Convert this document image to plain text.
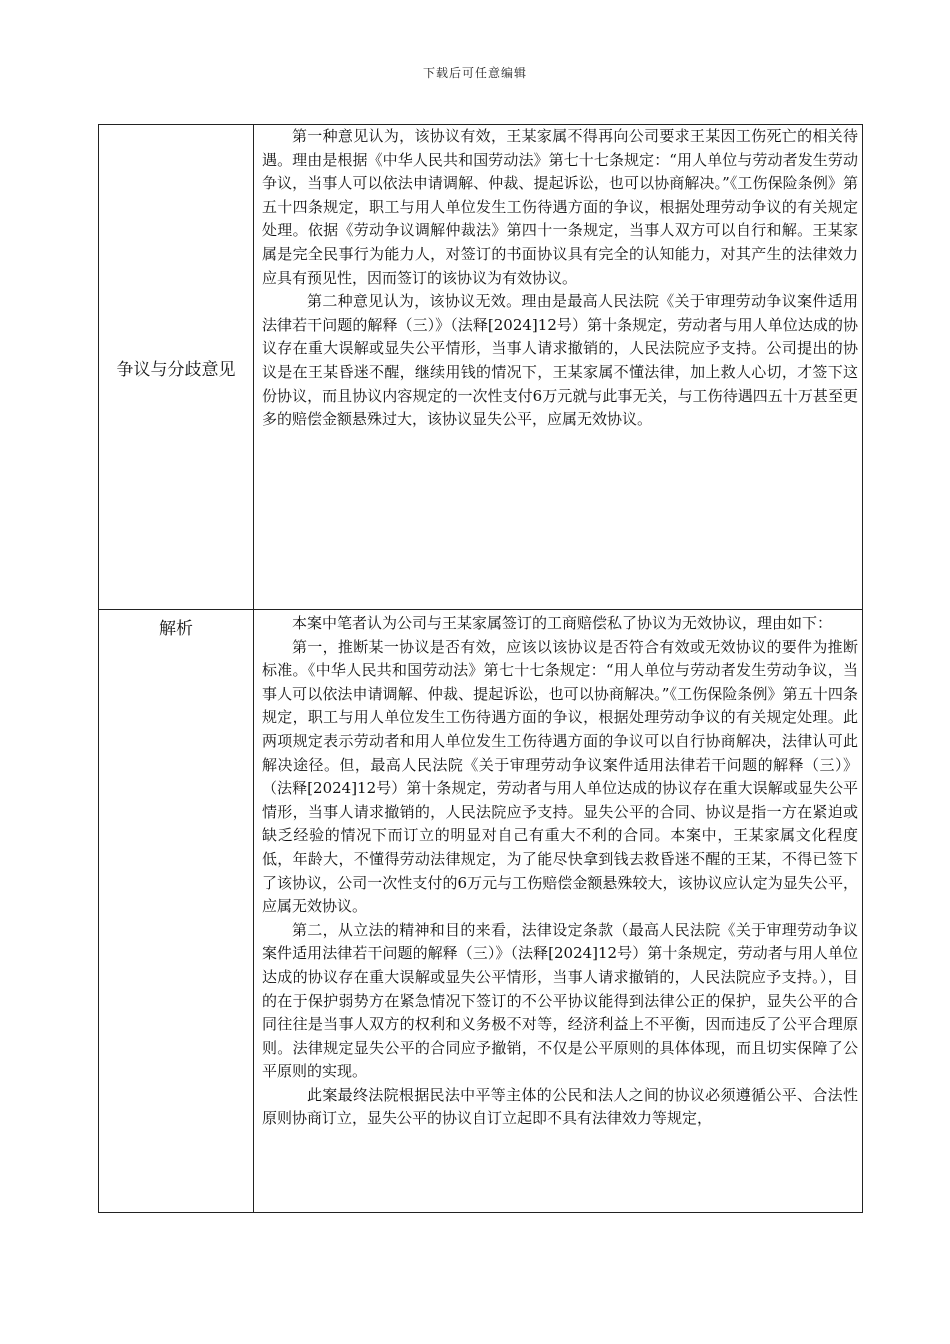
下载后可任意编辑
争议与分歧意见	第一种意见认为，该协议有效，王某家属不得再向公司要求王某因工伤死亡的相关待遇。理由是根据《中华人民共和国劳动法》第七十七条规定：“用人单位与劳动者发生劳动争议，当事人可以依法申请调解、仲裁、提起诉讼，也可以协商解决。”《工伤保险条例》第五十四条规定，职工与用人单位发生工伤待遇方面的争议，根据处理劳动争议的有关规定处理。依据《劳动争议调解仲裁法》第四十一条规定，当事人双方可以自行和解。王某家属是完全民事行为能力人，对签订的书面协议具有完全的认知能力，对其产生的法律效力应具有预见性，因而签订的该协议为有效协议。

第二种意见认为，该协议无效。理由是最高人民法院《关于审理劳动争议案件适用法律若干问题的解释（三）》（法释[2024]12号）第十条规定，劳动者与用人单位达成的协议存在重大误解或显失公平情形，当事人请求撤销的，人民法院应予支持。公司提出的协议是在王某昏迷不醒，继续用钱的情况下，王某家属不懂法律，加上救人心切，才签下这份协议，而且协议内容规定的一次性支付6万元就与此事无关，与工伤待遇四五十万甚至更多的赔偿金额悬殊过大，该协议显失公平，应属无效协议。

解析	本案中笔者认为公司与王某家属签订的工商赔偿私了协议为无效协议，理由如下：

第一，推断某一协议是否有效，应该以该协议是否符合有效或无效协议的要件为推断标准。《中华人民共和国劳动法》第七十七条规定：“用人单位与劳动者发生劳动争议，当事人可以依法申请调解、仲裁、提起诉讼，也可以协商解决。”《工伤保险条例》第五十四条规定，职工与用人单位发生工伤待遇方面的争议，根据处理劳动争议的有关规定处理。此两项规定表示劳动者和用人单位发生工伤待遇方面的争议可以自行协商解决，法律认可此解决途径。但，最高人民法院《关于审理劳动争议案件适用法律若干问题的解释（三）》（法释[2024]12号）第十条规定，劳动者与用人单位达成的协议存在重大误解或显失公平情形，当事人请求撤销的，人民法院应予支持。显失公平的合同、协议是指一方在紧迫或缺乏经验的情况下而订立的明显对自己有重大不利的合同。本案中，王某家属文化程度低，年龄大，不懂得劳动法律规定，为了能尽快拿到钱去救昏迷不醒的王某，不得已签下了该协议，公司一次性支付的6万元与工伤赔偿金额悬殊较大，该协议应认定为显失公平，应属无效协议。

第二，从立法的精神和目的来看，法律设定条款（最高人民法院《关于审理劳动争议案件适用法律若干问题的解释（三）》（法释[2024]12号）第十条规定，劳动者与用人单位达成的协议存在重大误解或显失公平情形，当事人请求撤销的，人民法院应予支持。），目的在于保护弱势方在紧急情况下签订的不公平协议能得到法律公正的保护，显失公平的合同往往是当事人双方的权利和义务极不对等，经济利益上不平衡，因而违反了公平合理原则。法律规定显失公平的合同应予撤销，不仅是公平原则的具体体现，而且切实保障了公平原则的实现。

此案最终法院根据民法中平等主体的公民和法人之间的协议必须遵循公平、合法性原则协商订立，显失公平的协议自订立起即不具有法律效力等规定，
